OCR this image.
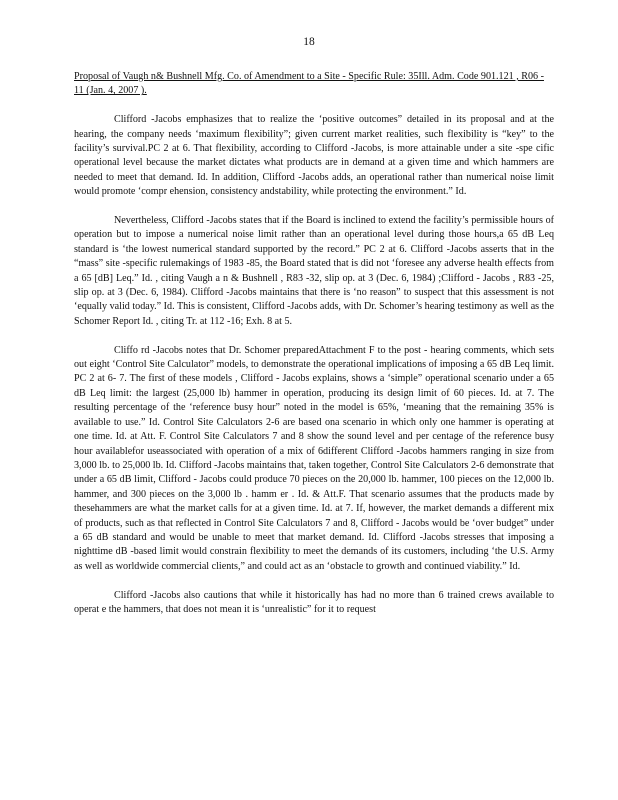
18
Proposal of Vaugh n& Bushnell Mfg. Co. of Amendment to a Site - Specific Rule: 35Ill. Adm. Code 901.121 , R06 - 11 (Jan. 4, 2007 ).

Clifford -Jacobs emphasizes that to realize the ‘positive outcomes” detailed in its proposal and at the hearing, the company needs ‘maximum flexibility”; given current market realities, such flexibility is “key” to the facility’s survival.PC 2 at 6. That flexibility, according to Clifford -Jacobs, is more attainable under a site -spe cific operational level because the market dictates what products are in demand at a given time and which hammers are needed to meet that demand. Id. In addition, Clifford -Jacobs adds, an operational rather than numerical noise limit would promote ‘compr ehension, consistency andstability, while protecting the environment.” Id.

Nevertheless, Clifford -Jacobs states that if the Board is inclined to extend the facility’s permissible hours of operation but to impose a numerical noise limit rather than an operational level during those hours,a 65 dB Leq standard is ‘the lowest numerical standard supported by the record.” PC 2 at 6. Clifford -Jacobs asserts that in the “mass” site -specific rulemakings of 1983 -85, the Board stated that is did not ‘foresee any adverse health effects from a 65 [dB] Leq.” Id. , citing Vaugh a n & Bushnell , R83 -32, slip op. at 3 (Dec. 6, 1984) ;Clifford - Jacobs , R83 -25, slip op. at 3 (Dec. 6, 1984). Clifford -Jacobs maintains that there is ‘no reason” to suspect that this assessment is not ‘equally valid today.” Id. This is consistent, Clifford -Jacobs adds, with Dr. Schomer’s hearing testimony as well as the Schomer Report Id. , citing Tr. at 112 -16; Exh. 8 at 5.

Cliffo rd -Jacobs notes that Dr. Schomer preparedAttachment F to the post - hearing comments, which sets out eight ‘Control Site Calculator” models, to demonstrate the operational implications of imposing a 65 dB Leq limit. PC 2 at 6- 7. The first of these models , Clifford - Jacobs explains, shows a ‘simple” operational scenario under a 65 dB Leq limit: the largest (25,000 lb) hammer in operation, producing its design limit of 60 pieces. Id. at 7. The resulting percentage of the ‘reference busy hour” noted in the model is 65%, ‘meaning that the remaining 35% is available to use.” Id. Control Site Calculators 2-6 are based ona scenario in which only one hammer is operating at one time. Id. at Att. F. Control Site Calculators 7 and 8 show the sound level and per centage of the reference busy hour availablefor useassociated with operation of a mix of 6different Clifford -Jacobs hammers ranging in size from 3,000 lb. to 25,000 lb. Id. Clifford -Jacobs maintains that, taken together, Control Site Calculators 2-6 demonstrate that under a 65 dB limit, Clifford - Jacobs could produce 70 pieces on the 20,000 lb. hammer, 100 pieces on the 12,000 lb. hammer, and 300 pieces on the 3,000 lb . hamm er . Id. & Att.F. That scenario assumes that the products made by thesehammers are what the market calls for at a given time. Id. at 7. If, however, the market demands a different mix of products, such as that reflected in Control Site Calculators 7 and 8, Clifford - Jacobs would be ‘over budget” under a 65 dB standard and would be unable to meet that market demand. Id. Clifford -Jacobs stresses that imposing a nighttime dB -based limit would constrain flexibility to meet the demands of its customers, including ‘the U.S. Army as well as worldwide commercial clients,” and could act as an ‘obstacle to growth and continued viability.” Id.

Clifford -Jacobs also cautions that while it historically has had no more than 6 trained crews available to operat e the hammers, that does not mean it is ‘unrealistic” for it to request
